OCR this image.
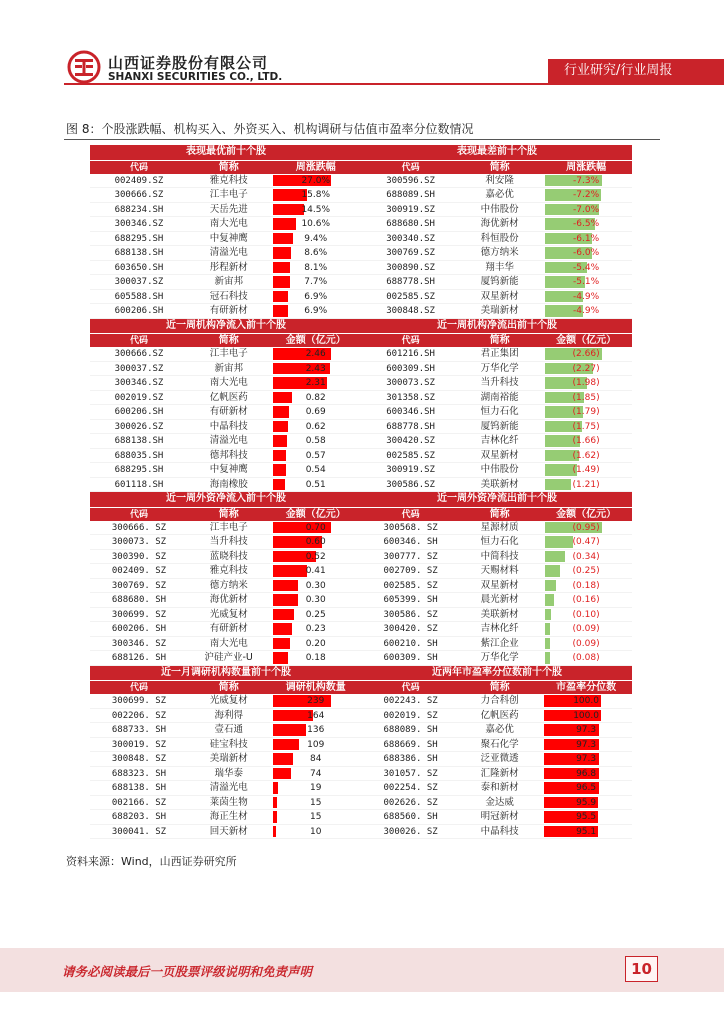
山西证券股份有限公司
SHANXI SECURITIES CO., LTD.	行业研究/行业周报
图 8：个股涨跌幅、机构买入、外资买入、机构调研与估值市盈率分位数情况
表现最优前十个股
代码	简称	周涨跌幅
002409.SZ	雅克科技	27.0%
300666.SZ	江丰电子	15.8%
688234.SH	天岳先进	14.5%
300346.SZ	南大光电	10.6%
688295.SH	中复神鹰	9.4%
688138.SH	清溢光电	8.6%
603650.SH	彤程新材	8.1%
300037.SZ	新宙邦	7.7%
605588.SH	冠石科技	6.9%
600206.SH	有研新材	6.9%
表现最差前十个股
代码	简称	周涨跌幅
300596.SZ	利安隆	-7.3%
688089.SH	嘉必优	-7.2%
300919.SZ	中伟股份	-7.0%
688680.SH	海优新材	-6.5%
300340.SZ	科恒股份	-6.1%
300769.SZ	德方纳米	-6.0%
300890.SZ	翔丰华	-5.4%
688778.SH	厦钨新能	-5.1%
002585.SZ	双星新材	-4.9%
300848.SZ	美瑞新材	-4.9%
近一周机构净流入前十个股
代码	简称	金额（亿元）
300666.SZ	江丰电子	2.46
300037.SZ	新宙邦	2.43
300346.SZ	南大光电	2.31
002019.SZ	亿帆医药	0.82
600206.SH	有研新材	0.69
300026.SZ	中晶科技	0.62
688138.SH	清溢光电	0.58
688035.SH	德邦科技	0.57
688295.SH	中复神鹰	0.54
601118.SH	海南橡胶	0.51
近一周机构净流出前十个股
代码	简称	金额（亿元）
601216.SH	君正集团	(2.66)
600309.SH	万华化学	(2.27)
300073.SZ	当升科技	(1.98)
301358.SZ	湖南裕能	(1.85)
600346.SH	恒力石化	(1.79)
688778.SH	厦钨新能	(1.75)
300420.SZ	吉林化纤	(1.66)
002585.SZ	双星新材	(1.62)
300919.SZ	中伟股份	(1.49)
300586.SZ	美联新材	(1.21)
近一周外资净流入前十个股
代码	简称	金额（亿元）
300666. SZ	江丰电子	0.70
300073. SZ	当升科技	0.60
300390. SZ	蓝晓科技	0.52
002409. SZ	雅克科技	0.41
300769. SZ	德方纳米	0.30
688680. SH	海优新材	0.30
300699. SZ	光威复材	0.25
600206. SH	有研新材	0.23
300346. SZ	南大光电	0.20
688126. SH	沪硅产业-U	0.18
近一周外资净流出前十个股
代码	简称	金额（亿元）
300568. SZ	星源材质	(0.95)
600346. SH	恒力石化	(0.47)
300777. SZ	中简科技	(0.34)
002709. SZ	天赐材料	(0.25)
002585. SZ	双星新材	(0.18)
605399. SH	晨光新材	(0.16)
300586. SZ	美联新材	(0.10)
300420. SZ	吉林化纤	(0.09)
600210. SH	紫江企业	(0.09)
600309. SH	万华化学	(0.08)
近一月调研机构数量前十个股
代码	简称	调研机构数量
300699. SZ	光威复材	239
002206. SZ	海利得	164
688733. SH	壹石通	136
300019. SZ	硅宝科技	109
300848. SZ	美瑞新材	84
688323. SH	瑞华泰	74
688138. SH	清溢光电	19
002166. SZ	莱茵生物	15
688203. SH	海正生材	15
300041. SZ	回天新材	10
近两年市盈率分位数前十个股
代码	简称	市盈率分位数
002243. SZ	力合科创	100.0
002019. SZ	亿帆医药	100.0
688089. SH	嘉必优	97.3
688669. SH	聚石化学	97.3
688386. SH	泛亚微透	97.3
301057. SZ	汇隆新材	96.8
002254. SZ	泰和新材	96.5
002626. SZ	金达威	95.9
688560. SH	明冠新材	95.5
300026. SZ	中晶科技	95.1
资料来源：Wind，山西证券研究所
请务必阅读最后一页股票评级说明和免责声明	10
